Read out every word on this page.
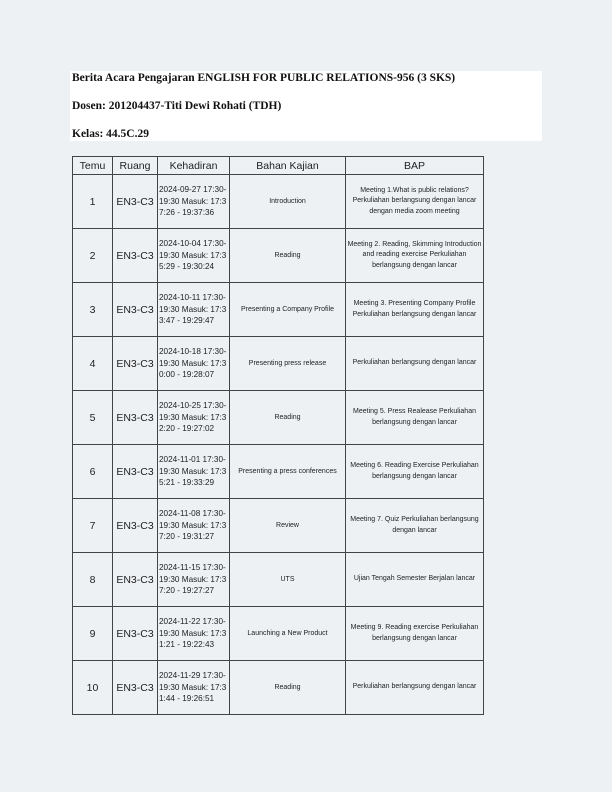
Berita Acara Pengajaran ENGLISH FOR PUBLIC RELATIONS-956 (3 SKS)
Dosen: 201204437-Titi Dewi Rohati (TDH)
Kelas: 44.5C.29
Temu	Ruang	Kehadiran	Bahan Kajian	BAP
1	EN3-C3	2024-09-27 17:30-19:30 Masuk: 17:37:26 - 19:37:36	Introduction	Meeting 1.What is public relations? Perkuliahan berlangsung dengan lancar dengan media zoom meeting
2	EN3-C3	2024-10-04 17:30-19:30 Masuk: 17:35:29 - 19:30:24	Reading	Meeting 2. Reading, Skimming Introduction and reading exercise Perkuliahan berlangsung dengan lancar
3	EN3-C3	2024-10-11 17:30-19:30 Masuk: 17:33:47 - 19:29:47	Presenting a Company Profile	Meeting 3. Presenting Company Profile Perkuliahan berlangsung dengan lancar
4	EN3-C3	2024-10-18 17:30-19:30 Masuk: 17:30:00 - 19:28:07	Presenting press release	Perkuliahan berlangsung dengan lancar
5	EN3-C3	2024-10-25 17:30-19:30 Masuk: 17:32:20 - 19:27:02	Reading	Meeting 5. Press Realease Perkuliahan berlangsung dengan lancar
6	EN3-C3	2024-11-01 17:30-19:30 Masuk: 17:35:21 - 19:33:29	Presenting a press conferences	Meeting 6. Reading Exercise Perkuliahan berlangsung dengan lancar
7	EN3-C3	2024-11-08 17:30-19:30 Masuk: 17:37:20 - 19:31:27	Review	Meeting 7. Quiz Perkuliahan berlangsung dengan lancar
8	EN3-C3	2024-11-15 17:30-19:30 Masuk: 17:37:20 - 19:27:27	UTS	Ujian Tengah Semester Berjalan lancar
9	EN3-C3	2024-11-22 17:30-19:30 Masuk: 17:31:21 - 19:22:43	Launching a New Product	Meeting 9. Reading exercise Perkuliahan berlangsung dengan lancar
10	EN3-C3	2024-11-29 17:30-19:30 Masuk: 17:31:44 - 19:26:51	Reading	Perkuliahan berlangsung dengan lancar
